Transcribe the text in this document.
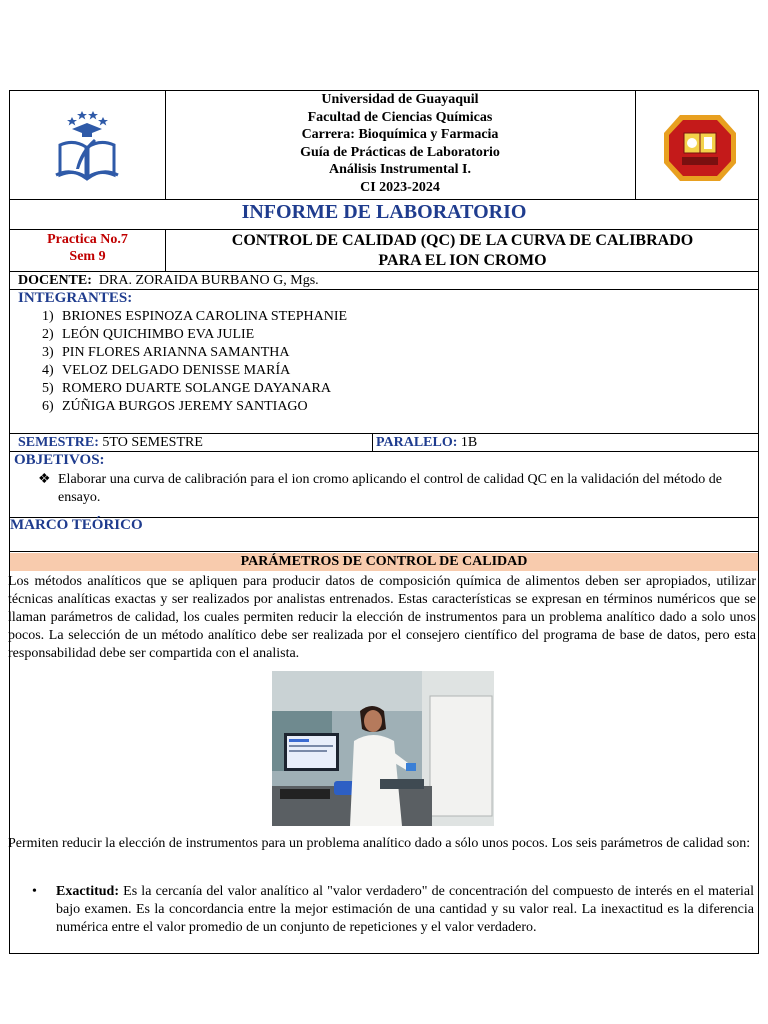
Universidad de Guayaquil
Facultad de Ciencias Químicas
Carrera: Bioquímica y Farmacia
Guía de Prácticas de Laboratorio
Análisis Instrumental I.
CI 2023-2024
INFORME DE LABORATORIO
Practica No.7
Sem 9
CONTROL DE CALIDAD (QC) DE LA CURVA DE CALIBRADO
PARA EL ION CROMO
DOCENTE: DRA. ZORAIDA BURBANO G, Mgs.
INTEGRANTES:
1) BRIONES ESPINOZA CAROLINA STEPHANIE
2) LEÓN QUICHIMBO EVA JULIE
3) PIN FLORES ARIANNA SAMANTHA
4) VELOZ DELGADO DENISSE MARÍA
5) ROMERO DUARTE SOLANGE DAYANARA
6) ZÚÑIGA BURGOS JEREMY SANTIAGO
SEMESTRE: 5TO SEMESTRE	PARALELO: 1B
OBJETIVOS:
❖ Elaborar una curva de calibración para el ion cromo aplicando el control de calidad QC en la validación del método de ensayo.
MARCO TEÓRICO
PARÁMETROS DE CONTROL DE CALIDAD
Los métodos analíticos que se apliquen para producir datos de composición química de alimentos deben ser apropiados, utilizar técnicas analíticas exactas y ser realizados por analistas entrenados. Estas características se expresan en términos numéricos que se llaman parámetros de calidad, los cuales permiten reducir la elección de instrumentos para un problema analítico dado a solo unos pocos. La selección de un método analítico debe ser realizada por el consejero científico del programa de base de datos, pero esta responsabilidad debe ser compartida con el analista.
Permiten reducir la elección de instrumentos para un problema analítico dado a sólo unos pocos. Los seis parámetros de calidad son:
•	Exactitud: Es la cercanía del valor analítico al "valor verdadero" de concentración del compuesto de interés en el material bajo examen. Es la concordancia entre la mejor estimación de una cantidad y su valor real. La inexactitud es la diferencia numérica entre el valor promedio de un conjunto de repeticiones y el valor verdadero.
